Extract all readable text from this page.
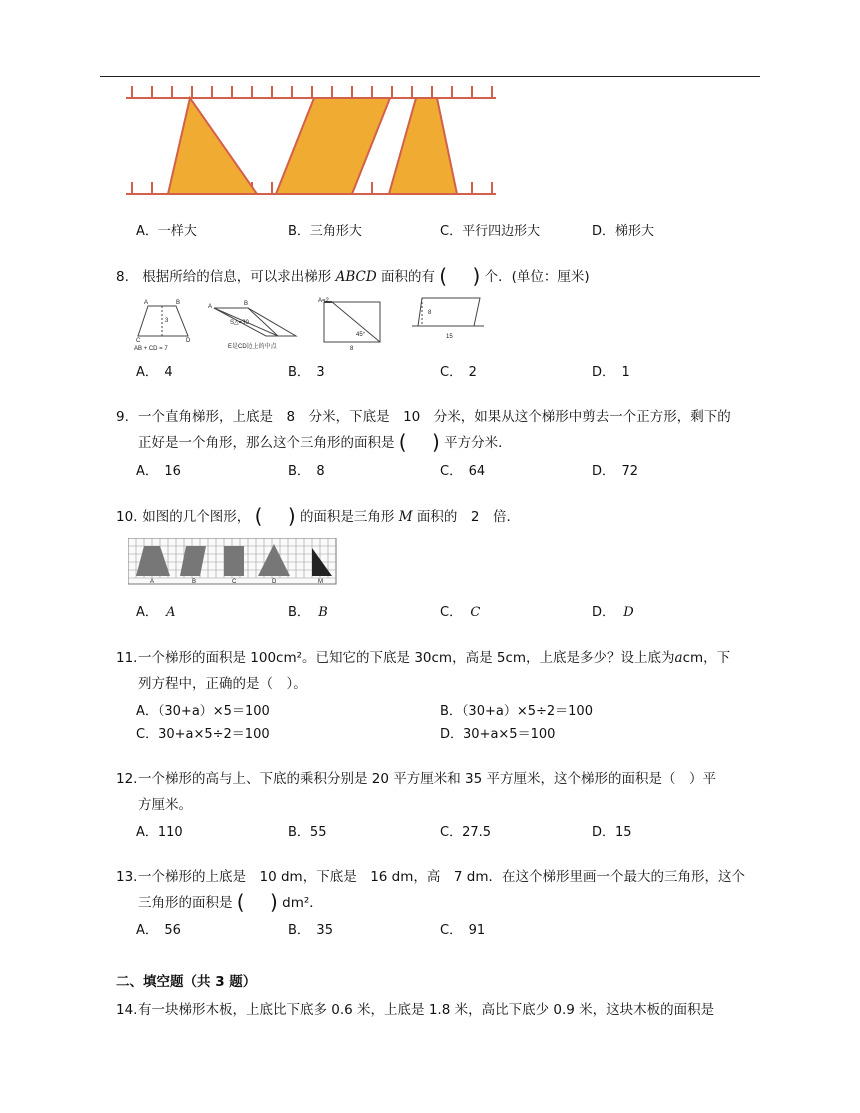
A．一样大	B．三角形大	C．平行四边形大	D．梯形大
8. 根据所给的信息，可以求出梯形 ABCD 面积的有 (    ) 个．(单位：厘米)
A	B
C	D
3
AB + CD = 7
A	B
S△=30
E是CD边上的中点
A=2
45°
8
8
15
A．　4	B．　3	C．　2	D．　1
9. 一个直角梯形，上底是　8　分米，下底是　10　分米，如果从这个梯形中剪去一个正方形，剩下的
正好是一个角形，那么这个三角形的面积是 (    ) 平方分米．
A．　16	B．　8	C．　64	D．　72
10. 如图的几个图形， (    ) 的面积是三角形 M 面积的　2　倍．
A	B	C	D	M
A． A	B． B	C． C	D． D
11.一个梯形的面积是 100cm²。已知它的下底是 30cm，高是 5cm，上底是多少？设上底为acm，下
列方程中，正确的是（　）。
A．（30+a）×5＝100	B．（30+a）×5÷2＝100
C．30+a×5÷2＝100	D．30+a×5＝100
12.一个梯形的高与上、下底的乘积分别是 20 平方厘米和 35 平方厘米，这个梯形的面积是（　）平
方厘米。
A．110	B．55	C．27.5	D．15
13.一个梯形的上底是　10 dm，下底是　16 dm，高　7 dm．在这个梯形里画一个最大的三角形，这个
三角形的面积是 (    ) dm²．
A．　56	B．　35	C．　91
二、填空题（共 3 题）
14.有一块梯形木板，上底比下底多 0.6 米，上底是 1.8 米，高比下底少 0.9 米，这块木板的面积是
